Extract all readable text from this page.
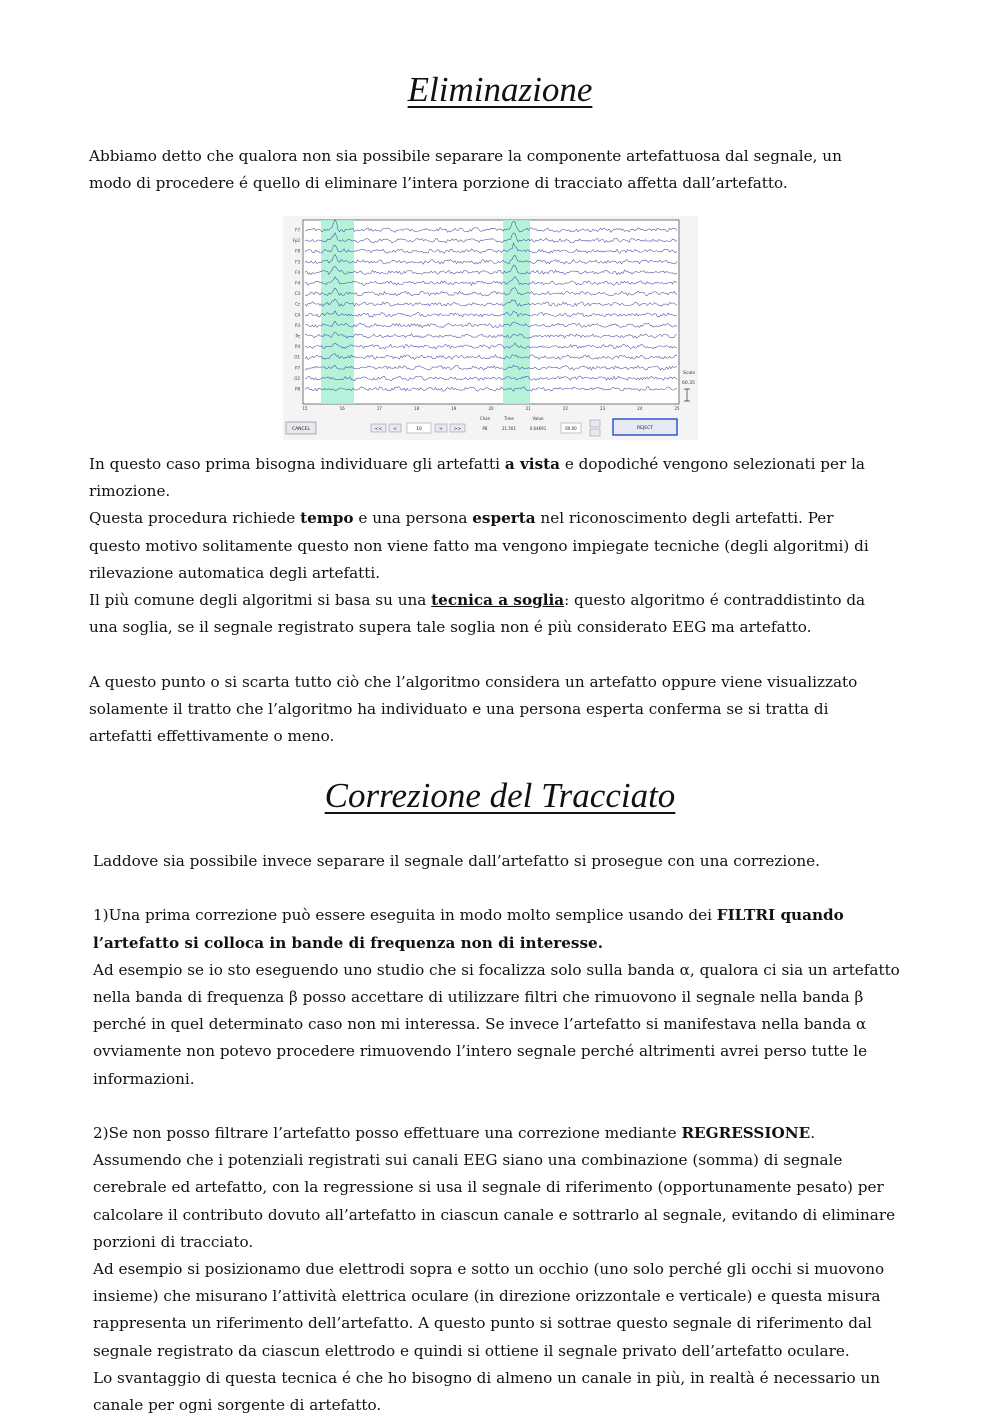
Eliminazione

Abbiamo detto che qualora non sia possibile separare la componente artefattuosa dal segnale, un modo di procedere é quello di eliminare l’intera porzione di tracciato affetta dall’artefatto.

F7
Fp2
F8
F3
F4
F4
C3
Cz
C4
P3
Pz
P4
O1
P7
O2
P8
15	16	17	18	19	20	21	22	23	24	25
Scale
60.35
CANCEL	<< <	10	> >>
Chan	Time	Value
P8	21.501	0.64691	60.00	REJECT

In questo caso prima bisogna individuare gli artefatti a vista e dopodiché vengono selezionati per la rimozione.

Questa procedura richiede tempo e una persona esperta nel riconoscimento degli artefatti. Per questo motivo solitamente questo non viene fatto ma vengono impiegate tecniche (degli algoritmi) di rilevazione automatica degli artefatti.

Il più comune degli algoritmi si basa su una tecnica a soglia: questo algoritmo é contraddistinto da una soglia, se il segnale registrato supera tale soglia non é più considerato EEG ma artefatto.

A questo punto o si scarta tutto ciò che l’algoritmo considera un artefatto oppure viene visualizzato solamente il tratto che l’algoritmo ha individuato e una persona esperta conferma se si tratta di artefatti effettivamente o meno.

Correzione del Tracciato

Laddove sia possibile invece separare il segnale dall’artefatto si prosegue con una correzione.

1)Una prima correzione può essere eseguita in modo molto semplice usando dei FILTRI quando l’artefatto si colloca in bande di frequenza non di interesse.

Ad esempio se io sto eseguendo uno studio che si focalizza solo sulla banda α, qualora ci sia un artefatto nella banda di frequenza β posso accettare di utilizzare filtri che rimuovono il segnale nella banda β perché in quel determinato caso non mi interessa. Se invece l’artefatto si manifestava nella banda α ovviamente non potevo procedere rimuovendo l’intero segnale perché altrimenti avrei perso tutte le informazioni.

2)Se non posso filtrare l’artefatto posso effettuare una correzione mediante REGRESSIONE.

Assumendo che i potenziali registrati sui canali EEG siano una combinazione (somma) di segnale cerebrale ed artefatto, con la regressione si usa il segnale di riferimento (opportunamente pesato) per calcolare il contributo dovuto all’artefatto in ciascun canale e sottrarlo al segnale, evitando di eliminare porzioni di tracciato.

Ad esempio si posizionamo due elettrodi sopra e sotto un occhio (uno solo perché gli occhi si muovono insieme) che misurano l’attività elettrica oculare (in direzione orizzontale e verticale) e questa misura rappresenta un riferimento dell’artefatto. A questo punto si sottrae questo segnale di riferimento dal segnale registrato da ciascun elettrodo e quindi si ottiene il segnale privato dell’artefatto oculare.

Lo svantaggio di questa tecnica é che ho bisogno di almeno un canale in più, in realtà é necessario un canale per ogni sorgente di artefatto.
